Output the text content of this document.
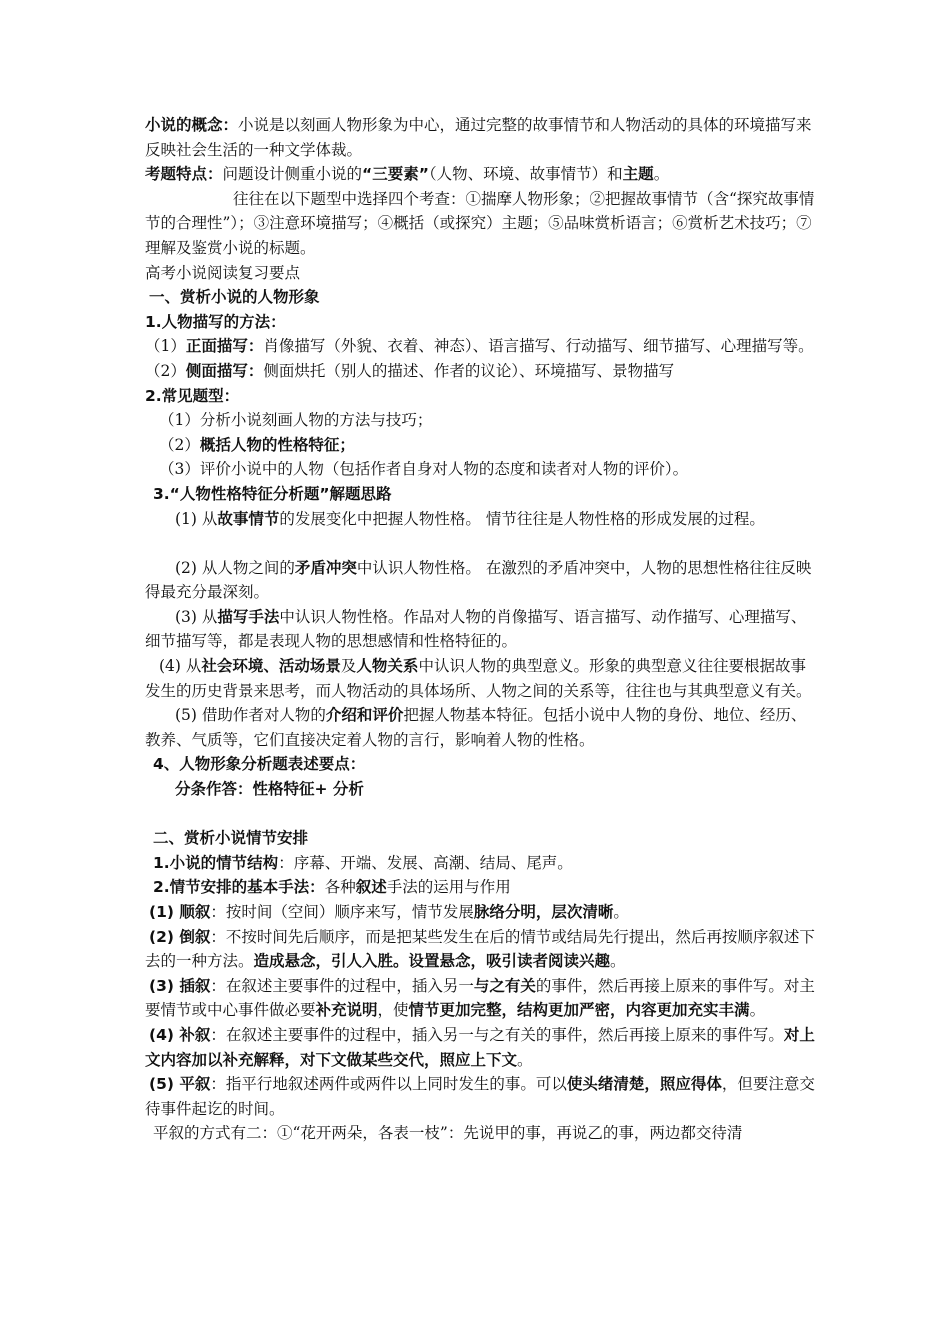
小说的概念：小说是以刻画人物形象为中心，通过完整的故事情节和人物活动的具体的环境描写来反映社会生活的一种文学体裁。

考题特点：问题设计侧重小说的“三要素”（人物、环境、故事情节）和主题。

往往在以下题型中选择四个考查：①揣摩人物形象；②把握故事情节（含“探究故事情节的合理性”）；③注意环境描写；④概括（或探究）主题；⑤品味赏析语言；⑥赏析艺术技巧；⑦理解及鉴赏小说的标题。

高考小说阅读复习要点

一、赏析小说的人物形象

1.人物描写的方法：

（1）正面描写：肖像描写（外貌、衣着、神态）、语言描写、行动描写、细节描写、心理描写等。

（2）侧面描写：侧面烘托（别人的描述、作者的议论）、环境描写、景物描写

2.常见题型：

（1）分析小说刻画人物的方法与技巧；

（2）概括人物的性格特征；

（3）评价小说中的人物（包括作者自身对人物的态度和读者对人物的评价）。

3.“人物性格特征分析题”解题思路

(1) 从故事情节的发展变化中把握人物性格。 情节往往是人物性格的形成发展的过程。

(2) 从人物之间的矛盾冲突中认识人物性格。 在激烈的矛盾冲突中，人物的思想性格往往反映得最充分最深刻。

(3) 从描写手法中认识人物性格。作品对人物的肖像描写、语言描写、动作描写、心理描写、细节描写等，都是表现人物的思想感情和性格特征的。

(4) 从社会环境、活动场景及人物关系中认识人物的典型意义。形象的典型意义往往要根据故事发生的历史背景来思考，而人物活动的具体场所、人物之间的关系等，往往也与其典型意义有关。

(5) 借助作者对人物的介绍和评价把握人物基本特征。包括小说中人物的身份、地位、经历、教养、气质等，它们直接决定着人物的言行，影响着人物的性格。

4、人物形象分析题表述要点：

分条作答：性格特征+ 分析

二、赏析小说情节安排

1.小说的情节结构：序幕、开端、发展、高潮、结局、尾声。

2.情节安排的基本手法：各种叙述手法的运用与作用

(1) 顺叙：按时间（空间）顺序来写，情节发展脉络分明，层次清晰。

(2) 倒叙：不按时间先后顺序，而是把某些发生在后的情节或结局先行提出，然后再按顺序叙述下去的一种方法。造成悬念，引人入胜。设置悬念，吸引读者阅读兴趣。

(3) 插叙：在叙述主要事件的过程中，插入另一与之有关的事件，然后再接上原来的事件写。对主要情节或中心事件做必要补充说明，使情节更加完整，结构更加严密，内容更加充实丰满。

(4) 补叙：在叙述主要事件的过程中，插入另一与之有关的事件，然后再接上原来的事件写。对上文内容加以补充解释，对下文做某些交代，照应上下文。

(5) 平叙：指平行地叙述两件或两件以上同时发生的事。可以使头绪清楚，照应得体，但要注意交待事件起讫的时间。

平叙的方式有二：①“花开两朵，各表一枝”：先说甲的事，再说乙的事，两边都交待清
